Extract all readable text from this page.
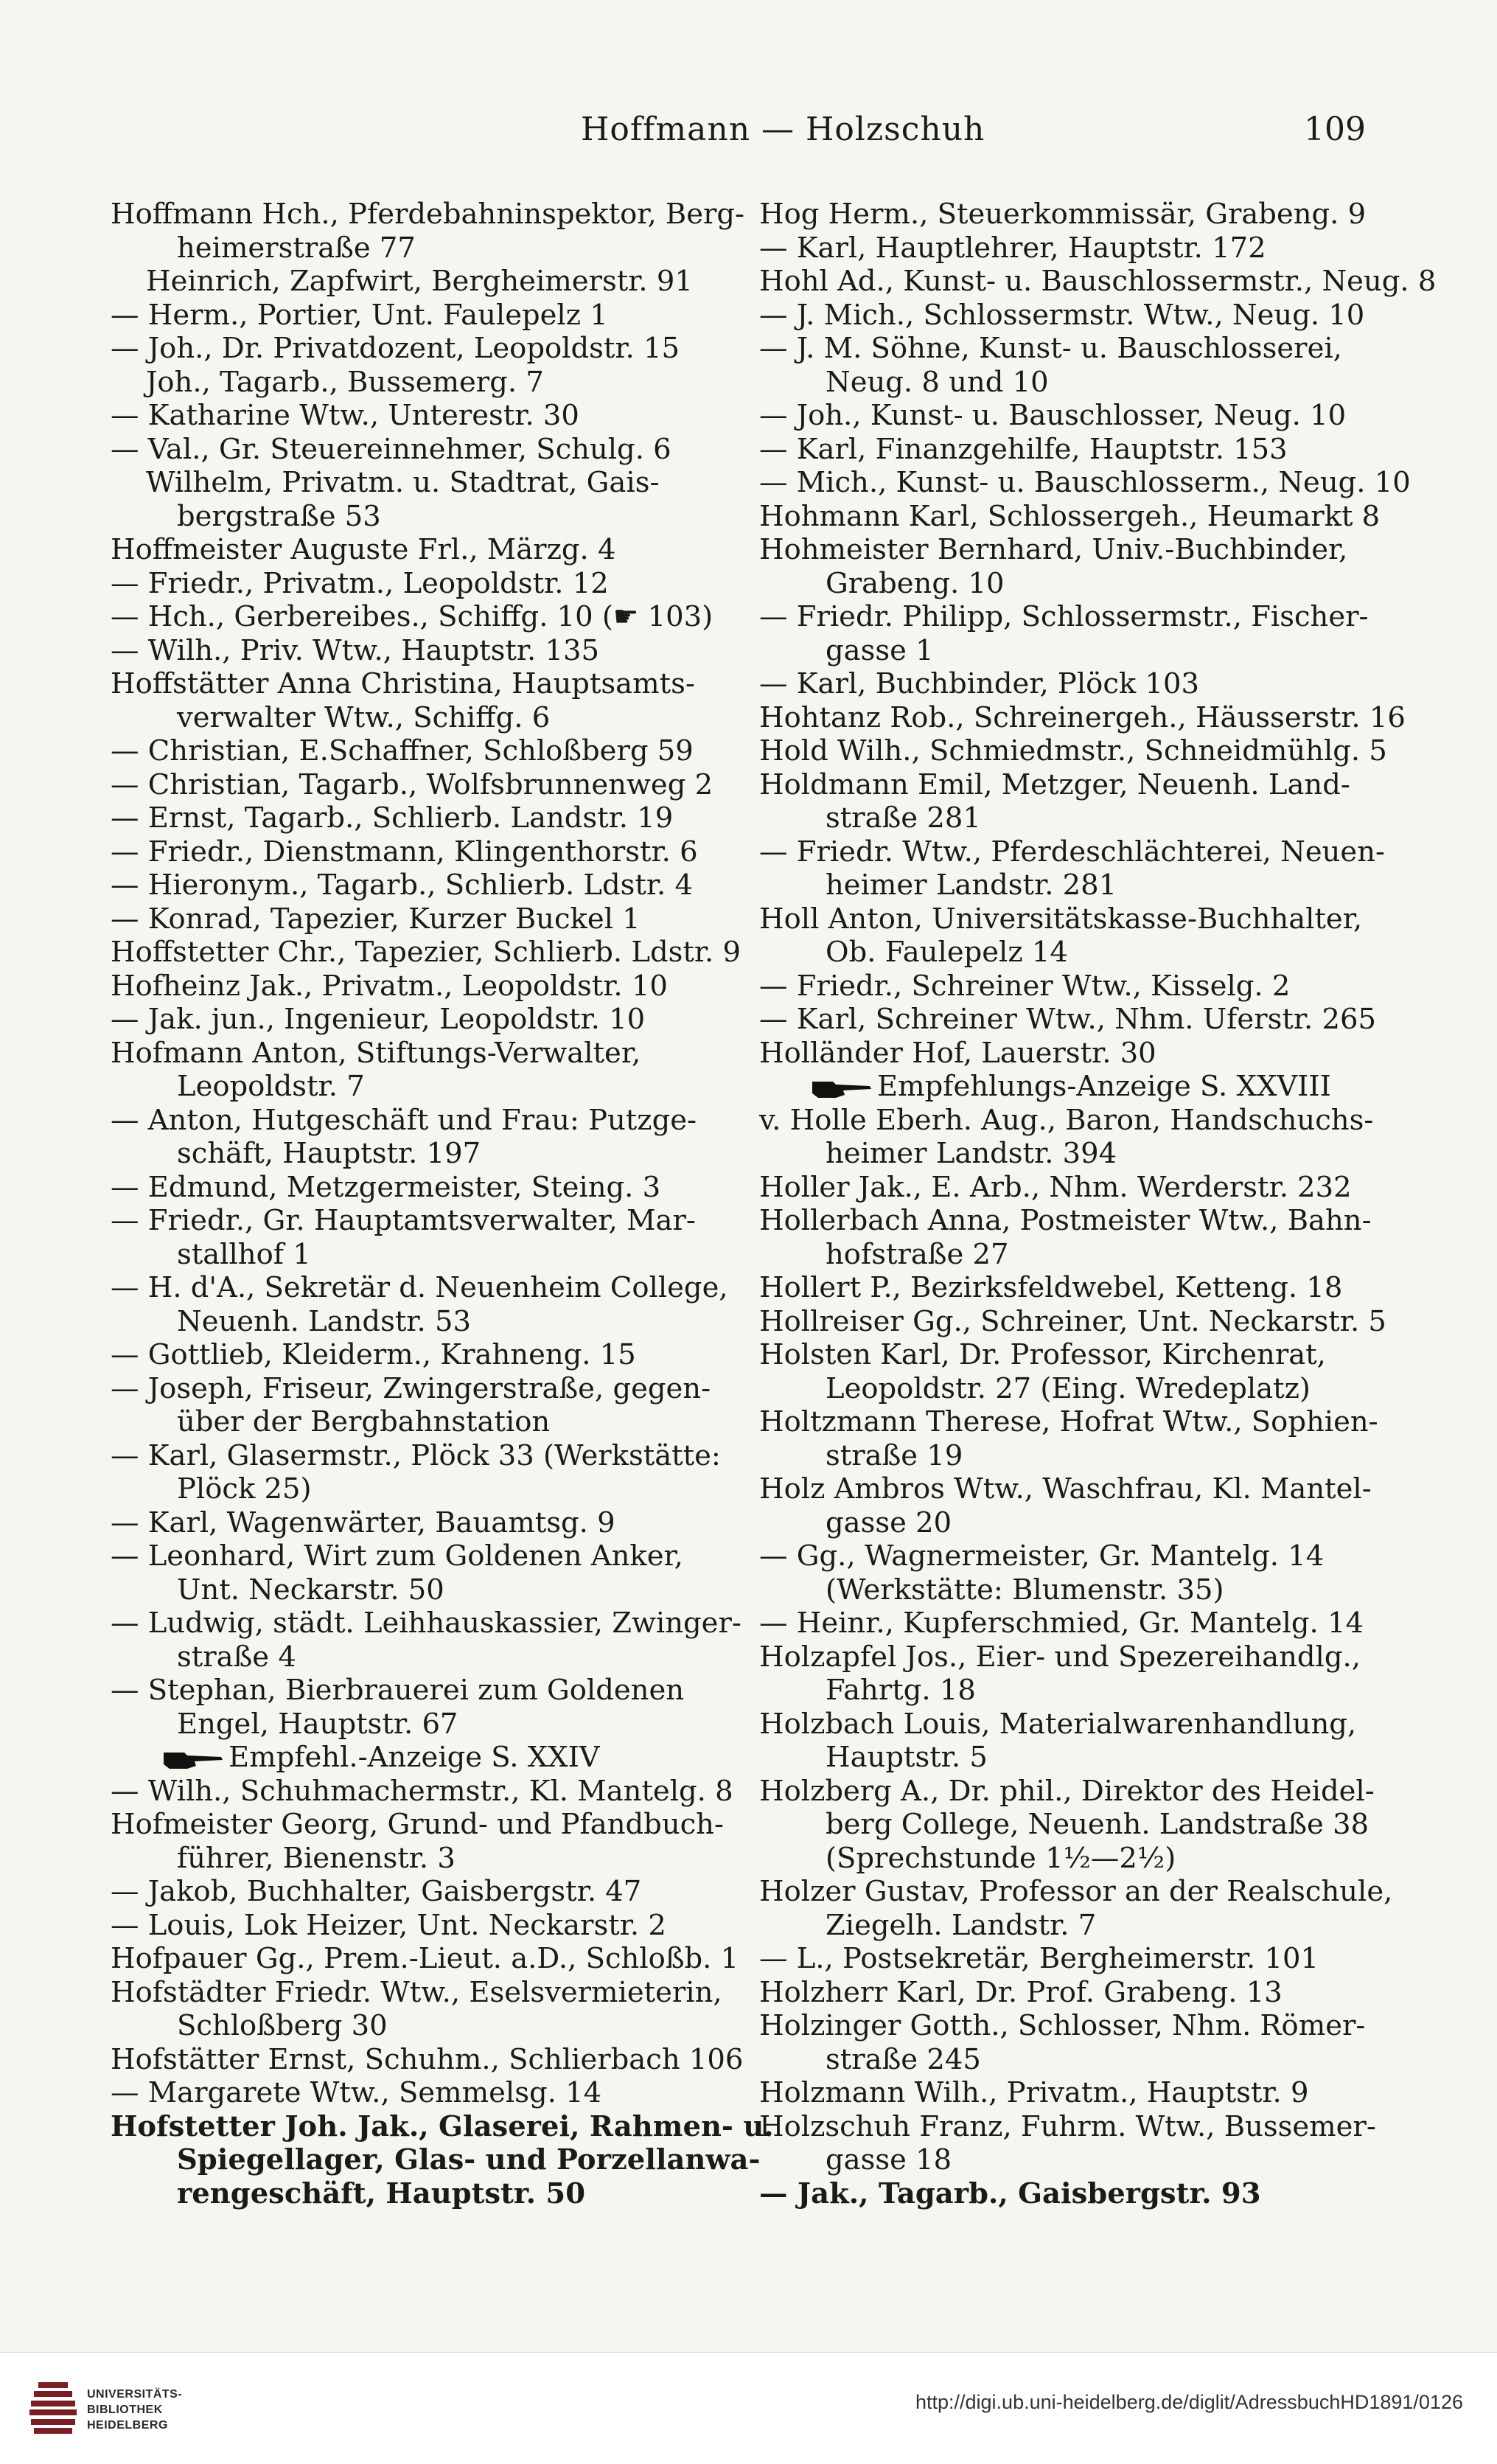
Hoffmann — Holzschuh	109
Hoffmann Hch., Pferdebahninspektor, Berg-
heimerstraße 77
Heinrich, Zapfwirt, Bergheimerstr. 91
— Herm., Portier, Unt. Faulepelz 1
— Joh., Dr. Privatdozent, Leopoldstr. 15
Joh., Tagarb., Bussemerg. 7
— Katharine Wtw., Unterestr. 30
— Val., Gr. Steuereinnehmer, Schulg. 6
Wilhelm, Privatm. u. Stadtrat, Gais-
bergstraße 53
Hoffmeister Auguste Frl., Märzg. 4
— Friedr., Privatm., Leopoldstr. 12
— Hch., Gerbereibes., Schiffg. 10 (☛ 103)
— Wilh., Priv. Wtw., Hauptstr. 135
Hoffstätter Anna Christina, Hauptsamts-
verwalter Wtw., Schiffg. 6
— Christian, E.Schaffner, Schloßberg 59
— Christian, Tagarb., Wolfsbrunnenweg 2
— Ernst, Tagarb., Schlierb. Landstr. 19
— Friedr., Dienstmann, Klingenthorstr. 6
— Hieronym., Tagarb., Schlierb. Ldstr. 4
— Konrad, Tapezier, Kurzer Buckel 1
Hoffstetter Chr., Tapezier, Schlierb. Ldstr. 9
Hofheinz Jak., Privatm., Leopoldstr. 10
— Jak. jun., Ingenieur, Leopoldstr. 10
Hofmann Anton, Stiftungs-Verwalter,
Leopoldstr. 7
— Anton, Hutgeschäft und Frau: Putzge-
schäft, Hauptstr. 197
— Edmund, Metzgermeister, Steing. 3
— Friedr., Gr. Hauptamtsverwalter, Mar-
stallhof 1
— H. d'A., Sekretär d. Neuenheim College,
Neuenh. Landstr. 53
— Gottlieb, Kleiderm., Krahneng. 15
— Joseph, Friseur, Zwingerstraße, gegen-
über der Bergbahnstation
— Karl, Glasermstr., Plöck 33 (Werkstätte:
Plöck 25)
— Karl, Wagenwärter, Bauamtsg. 9
— Leonhard, Wirt zum Goldenen Anker,
Unt. Neckarstr. 50
— Ludwig, städt. Leihhauskassier, Zwinger-
straße 4
— Stephan, Bierbrauerei zum Goldenen
Engel, Hauptstr. 67
Empfehl.-Anzeige S. XXIV
— Wilh., Schuhmachermstr., Kl. Mantelg. 8
Hofmeister Georg, Grund- und Pfandbuch-
führer, Bienenstr. 3
— Jakob, Buchhalter, Gaisbergstr. 47
— Louis, Lok Heizer, Unt. Neckarstr. 2
Hofpauer Gg., Prem.-Lieut. a.D., Schloßb. 1
Hofstädter Friedr. Wtw., Eselsvermieterin,
Schloßberg 30
Hofstätter Ernst, Schuhm., Schlierbach 106
— Margarete Wtw., Semmelsg. 14
Hofstetter Joh. Jak., Glaserei, Rahmen- u.
Spiegellager, Glas- und Porzellanwa-
rengeschäft, Hauptstr. 50
Hog Herm., Steuerkommissär, Grabeng. 9
— Karl, Hauptlehrer, Hauptstr. 172
Hohl Ad., Kunst- u. Bauschlossermstr., Neug. 8
— J. Mich., Schlossermstr. Wtw., Neug. 10
— J. M. Söhne, Kunst- u. Bauschlosserei,
Neug. 8 und 10
— Joh., Kunst- u. Bauschlosser, Neug. 10
— Karl, Finanzgehilfe, Hauptstr. 153
— Mich., Kunst- u. Bauschlosserm., Neug. 10
Hohmann Karl, Schlossergeh., Heumarkt 8
Hohmeister Bernhard, Univ.-Buchbinder,
Grabeng. 10
— Friedr. Philipp, Schlossermstr., Fischer-
gasse 1
— Karl, Buchbinder, Plöck 103
Hohtanz Rob., Schreinergeh., Häusserstr. 16
Hold Wilh., Schmiedmstr., Schneidmühlg. 5
Holdmann Emil, Metzger, Neuenh. Land-
straße 281
— Friedr. Wtw., Pferdeschlächterei, Neuen-
heimer Landstr. 281
Holl Anton, Universitätskasse-Buchhalter,
Ob. Faulepelz 14
— Friedr., Schreiner Wtw., Kisselg. 2
— Karl, Schreiner Wtw., Nhm. Uferstr. 265
Holländer Hof, Lauerstr. 30
Empfehlungs-Anzeige S. XXVIII
v. Holle Eberh. Aug., Baron, Handschuchs-
heimer Landstr. 394
Holler Jak., E. Arb., Nhm. Werderstr. 232
Hollerbach Anna, Postmeister Wtw., Bahn-
hofstraße 27
Hollert P., Bezirksfeldwebel, Ketteng. 18
Hollreiser Gg., Schreiner, Unt. Neckarstr. 5
Holsten Karl, Dr. Professor, Kirchenrat,
Leopoldstr. 27 (Eing. Wredeplatz)
Holtzmann Therese, Hofrat Wtw., Sophien-
straße 19
Holz Ambros Wtw., Waschfrau, Kl. Mantel-
gasse 20
— Gg., Wagnermeister, Gr. Mantelg. 14
(Werkstätte: Blumenstr. 35)
— Heinr., Kupferschmied, Gr. Mantelg. 14
Holzapfel Jos., Eier- und Spezereihandlg.,
Fahrtg. 18
Holzbach Louis, Materialwarenhandlung,
Hauptstr. 5
Holzberg A., Dr. phil., Direktor des Heidel-
berg College, Neuenh. Landstraße 38
(Sprechstunde 1½—2½)
Holzer Gustav, Professor an der Realschule,
Ziegelh. Landstr. 7
— L., Postsekretär, Bergheimerstr. 101
Holzherr Karl, Dr. Prof. Grabeng. 13
Holzinger Gotth., Schlosser, Nhm. Römer-
straße 245
Holzmann Wilh., Privatm., Hauptstr. 9
Holzschuh Franz, Fuhrm. Wtw., Bussemer-
gasse 18
— Jak., Tagarb., Gaisbergstr. 93
UNIVERSITÄTS-
BIBLIOTHEK
HEIDELBERG
http://digi.ub.uni-heidelberg.de/diglit/AdressbuchHD1891/0126
